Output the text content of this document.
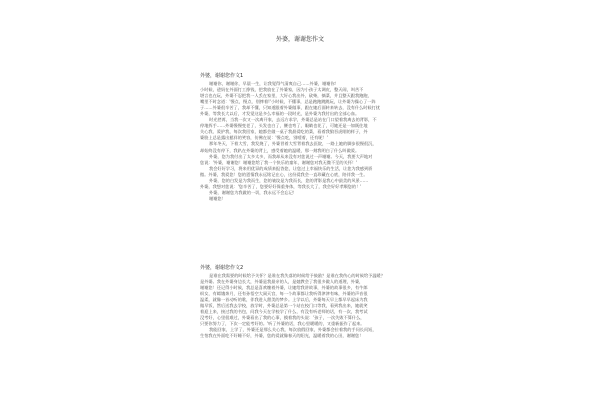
外婆，谢谢您作文
外婆，谢谢您作文1

谢谢你，谢谢你，早晨一生，让我觉得气清爽自己……外婆，谢谢你！

小时候，爸妈在外面打工挣钱，把我放在了外婆家，因为小孩子太调皮，整天闹，叫苦不

堪言也在玩，外婆不忍把我一人丢在家里，大好心我出外，砍柴，摘菜，并且整天跟我跑跑，

嘴里不时念道：'慢点，慢点，别摔着!'小时候，不懂事，总是跑跑跳跳玩，让外婆为操心了一阵

子……外婆很辛苦了，我却不懂，只知道跟着外婆做事，跟在她后面转来转去，没有什么时候打扰

外婆，等我长大以后，才发觉这是多么幸福的一段时光，是外婆为我付出的全部心血。

时光荏苒，当我一次又一次离开家，去远方求学，外婆总是站在门口望着我离去的背影，不

停地挥手……外婆慢慢变老了，头发也白了，腰也弯了，眼睛也花了，可她还是一如既往地

关心我、爱护我，每次我回家，她都会做一桌子我最爱吃的菜，看着我狼吞虎咽的样子，外

婆脸上总是露出慈祥的笑容，仿佛在说：'慢点吃，别噎着，还有呢！'

那年冬天，下着大雪，我发烧了，外婆冒着大雪背着我去医院，一路上她的脚步很慢很沉，

却始终没有停下，我趴在外婆的背上，感受着她的温暖，那一刻我明白了什么叫做爱。

外婆，您为我付出了太多太多，而我却从来没有对您说过一声谢谢。今天，我要大声地对

您说：'外婆，谢谢您！谢谢您给了我一个快乐的童年，谢谢您对我无微不至的关怀！'

我会好好学习，将来用优异的成绩来报答您，让您过上幸福快乐的生活，让您为我感到骄

傲。外婆，我爱您！您的恩情我永远铭记在心，这份爱我会一直珍藏在心底，陪伴我一生。

外婆，您的白发是为我而生，您的皱纹是为我而长，您的背影是我心中最美的风景……

外婆，我想对您说：'您辛苦了，您要好好保重身体，等我长大了，我会好好孝顺您的！'

外婆，谢谢您为我做的一切，我永远不会忘记！

谢谢您！

外婆，谢谢您作文2

是谁在我需要的时候给予关怀？是谁在我失落的时候给予鼓励？是谁在我伤心的时候给予温暖？

是外婆。我在外婆身边长大，外婆是我最亲的人，是她教会了我很多做人的道理，外婆，

谢谢您！还记得小时候，我总是喜欢缠着外婆，让她给我讲故事，外婆的故事很多，有牛郎

织女，有嫦娥奔月，还有孙悟空大闹天宫，每一个故事都让我听得津津有味，外婆的声音很

温柔，就像一首动听的歌，伴我进入甜美的梦乡。上学以后，外婆每天早上都早早起床为我

做早饭，然后送我去学校，放学时，外婆总是第一个站在校门口等我，看到我出来，她就笑

着迎上来，接过我的书包，问我今天在学校学了什么，有没有听老师的话，有一次，我考试

没考好，心里很难过，外婆看出了我的心事，摸着我的头说：'孩子，一次失败不算什么，

只要你努力了，下次一定能考好的。'听了外婆的话，我心里暖暖的，又重新振作了起来。

我能回家，上学了，外婆还是那么关心我，每次放假回家，外婆都会拉着我的手问长问短，

生怕我在外面吃不好睡不好，外婆，您的爱就像春天的阳光，温暖着我的心田，谢谢您！
